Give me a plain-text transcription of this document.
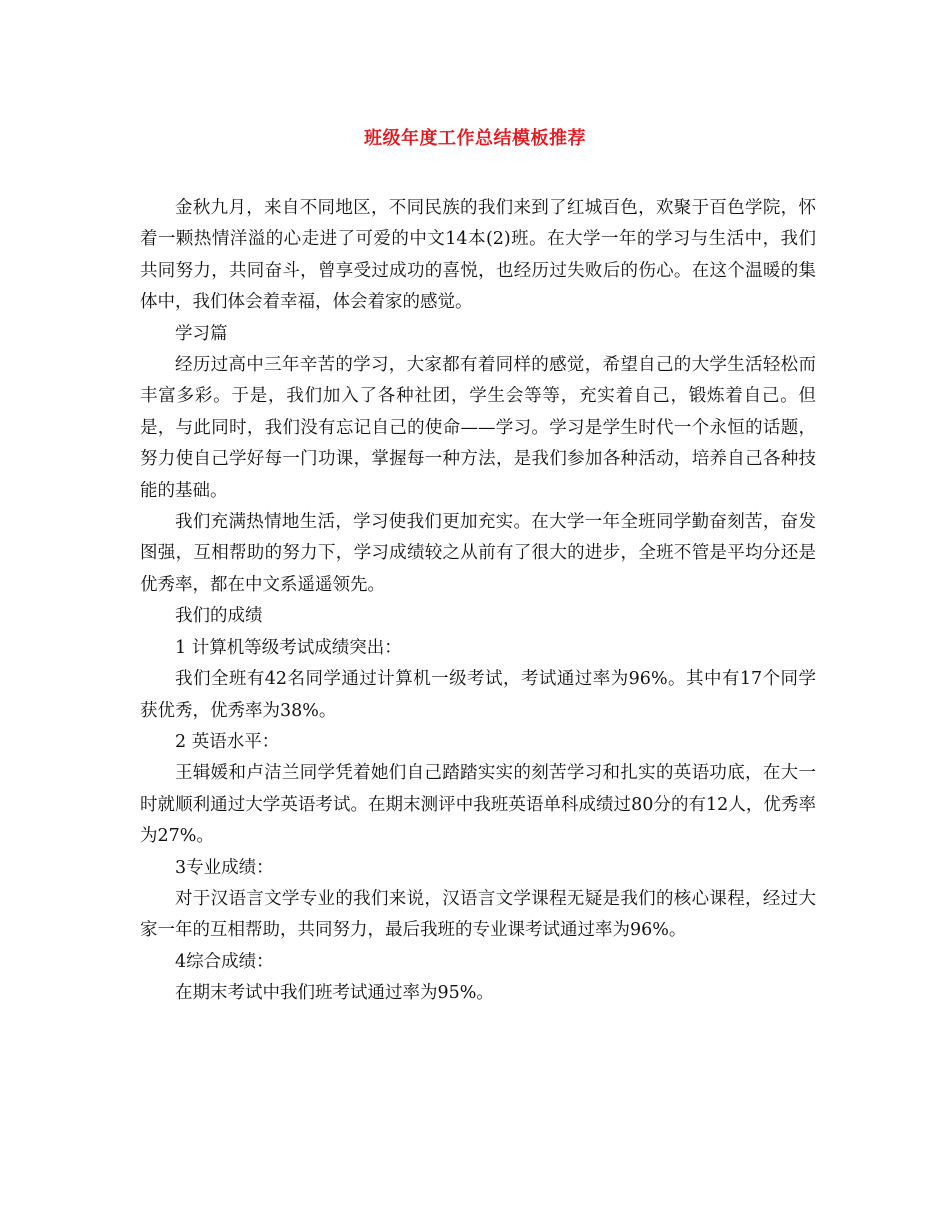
班级年度工作总结模板推荐

金秋九月，来自不同地区，不同民族的我们来到了红城百色，欢聚于百色学院，怀着一颗热情洋溢的心走进了可爱的中文14本(2)班。在大学一年的学习与生活中，我们共同努力，共同奋斗，曾享受过成功的喜悦，也经历过失败后的伤心。在这个温暖的集体中，我们体会着幸福，体会着家的感觉。

学习篇

经历过高中三年辛苦的学习，大家都有着同样的感觉，希望自己的大学生活轻松而丰富多彩。于是，我们加入了各种社团，学生会等等，充实着自己，锻炼着自己。但是，与此同时，我们没有忘记自己的使命——学习。学习是学生时代一个永恒的话题，努力使自己学好每一门功课，掌握每一种方法，是我们参加各种活动，培养自己各种技能的基础。

我们充满热情地生活，学习使我们更加充实。在大学一年全班同学勤奋刻苦，奋发图强，互相帮助的努力下，学习成绩较之从前有了很大的进步，全班不管是平均分还是优秀率，都在中文系遥遥领先。

我们的成绩

1 计算机等级考试成绩突出：

我们全班有42名同学通过计算机一级考试，考试通过率为96%。其中有17个同学获优秀，优秀率为38%。

2 英语水平：

王辑媛和卢洁兰同学凭着她们自己踏踏实实的刻苦学习和扎实的英语功底，在大一时就顺利通过大学英语考试。在期末测评中我班英语单科成绩过80分的有12人，优秀率为27%。

3专业成绩：

对于汉语言文学专业的我们来说，汉语言文学课程无疑是我们的核心课程，经过大家一年的互相帮助，共同努力，最后我班的专业课考试通过率为96%。

4综合成绩：

在期末考试中我们班考试通过率为95%。
